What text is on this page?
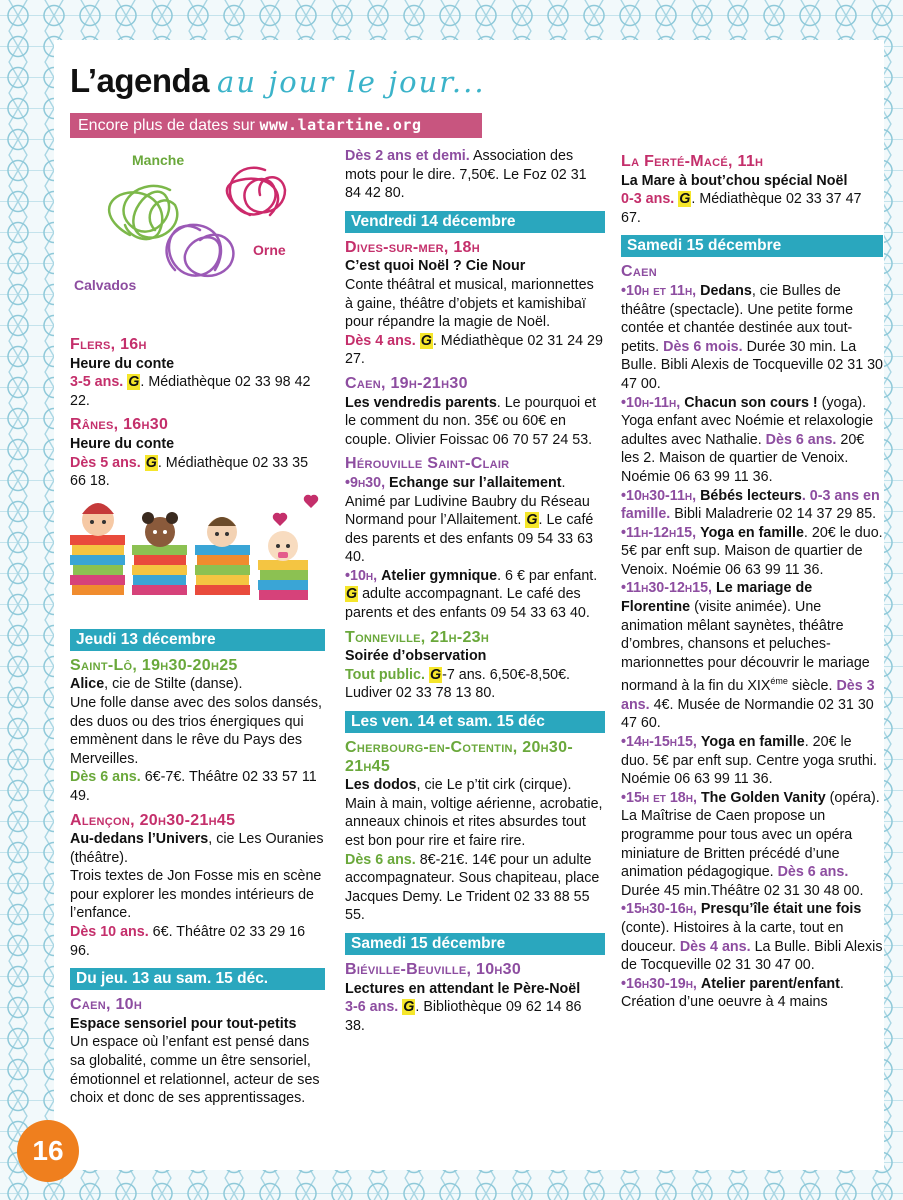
L’agenda au jour le jour...
Encore plus de dates sur www.latartine.org
Manche
Orne
Calvados
Flers, 16h

Heure du conte

3-5 ans. G. Médiathèque 02 33 98 42 22.

Rânes, 16h30

Heure du conte

Dès 5 ans. G. Médiathèque 02 33 35 66 18.

Jeudi 13 décembre
Saint-Lô, 19h30-20h25

Alice, cie de Stilte (danse).

Une folle danse avec des solos dansés, des duos ou des trios énergiques qui emmènent dans le rêve du Pays des Merveilles.

Dès 6 ans. 6€-7€. Théâtre 02 33 57 11 49.

Alençon, 20h30-21h45

Au-dedans l’Univers, cie Les Ouranies (théâtre).

Trois textes de Jon Fosse mis en scène pour explorer les mondes intérieurs de l’enfance.

Dès 10 ans. 6€. Théâtre 02 33 29 16 96.

Du jeu. 13 au sam. 15 déc.
Caen, 10h

Espace sensoriel pour tout-petits

Un espace où l’enfant est pensé dans sa globalité, comme un être sensoriel, émotionnel et relationnel, acteur de ses choix et donc de ses apprentissages.

Dès 2 ans et demi. Association des mots pour le dire. 7,50€. Le Foz 02 31 84 42 80.

Vendredi 14 décembre
Dives-sur-mer, 18h

C’est quoi Noël ? Cie Nour

Conte théâtral et musical, marionnettes à gaine, théâtre d’objets et kamishibaï pour répandre la magie de Noël.

Dès 4 ans. G. Médiathèque 02 31 24 29 27.

Caen, 19h-21h30

Les vendredis parents. Le pourquoi et le comment du non. 35€ ou 60€ en couple. Olivier Foissac 06 70 57 24 53.

Hérouville Saint-Clair

•9h30, Echange sur l’allaitement. Animé par Ludivine Baubry du Réseau Normand pour l’Allaitement. G. Le café des parents et des enfants 09 54 33 63 40.

•10h, Atelier gymnique. 6 € par enfant. G adulte accompagnant. Le café des parents et des enfants 09 54 33 63 40.

Tonneville, 21h-23h

Soirée d’observation

Tout public. G-7 ans. 6,50€-8,50€. Ludiver 02 33 78 13 80.

Les ven. 14 et sam. 15 déc
Cherbourg-en-Cotentin, 20h30-21h45

Les dodos, cie Le p’tit cirk (cirque).

Main à main, voltige aérienne, acrobatie, anneaux chinois et rites absurdes tout est bon pour rire et faire rire.

Dès 6 ans. 8€-21€. 14€ pour un adulte accompagnateur. Sous chapiteau, place Jacques Demy. Le Trident 02 33 88 55 55.

Samedi 15 décembre
Biéville-Beuville, 10h30

Lectures en attendant le Père-Noël

3-6 ans. G. Bibliothèque 09 62 14 86 38.

La Ferté-Macé, 11h

La Mare à bout’chou spécial Noël

0-3 ans. G. Médiathèque 02 33 37 47 67.

Samedi 15 décembre
Caen

•10h et 11h, Dedans, cie Bulles de théâtre (spectacle). Une petite forme contée et chantée destinée aux tout-petits. Dès 6 mois. Durée 30 min. La Bulle. Bibli Alexis de Tocqueville 02 31 30 47 00.

•10h-11h, Chacun son cours ! (yoga). Yoga enfant avec Noémie et relaxologie adultes avec Nathalie. Dès 6 ans. 20€ les 2. Maison de quartier de Venoix. Noémie 06 63 99 11 36.

•10h30-11h, Bébés lecteurs. 0-3 ans en famille. Bibli Maladrerie 02 14 37 29 85.

•11h-12h15, Yoga en famille. 20€ le duo. 5€ par enft sup. Maison de quartier de Venoix. Noémie 06 63 99 11 36.

•11h30-12h15, Le mariage de Florentine (visite animée). Une animation mêlant saynètes, théâtre d’ombres, chansons et peluches-marionnettes pour découvrir le mariage normand à la fin du $XIX^{éme}$ siècle. Dès 3 ans. 4€. Musée de Normandie 02 31 30 47 60.

•14h-15h15, Yoga en famille. 20€ le duo. 5€ par enft sup. Centre yoga sruthi. Noémie 06 63 99 11 36.

•15h et 18h, The Golden Vanity (opéra). La Maîtrise de Caen propose un programme pour tous avec un opéra miniature de Britten précédé d’une animation pédagogique. Dès 6 ans. Durée 45 min.Théâtre 02 31 30 48 00.

•15h30-16h, Presqu’île était une fois (conte). Histoires à la carte, tout en douceur. Dès 4 ans. La Bulle. Bibli Alexis de Tocqueville 02 31 30 47 00.

•16h30-19h, Atelier parent/enfant. Création d’une oeuvre à 4 mains

16
